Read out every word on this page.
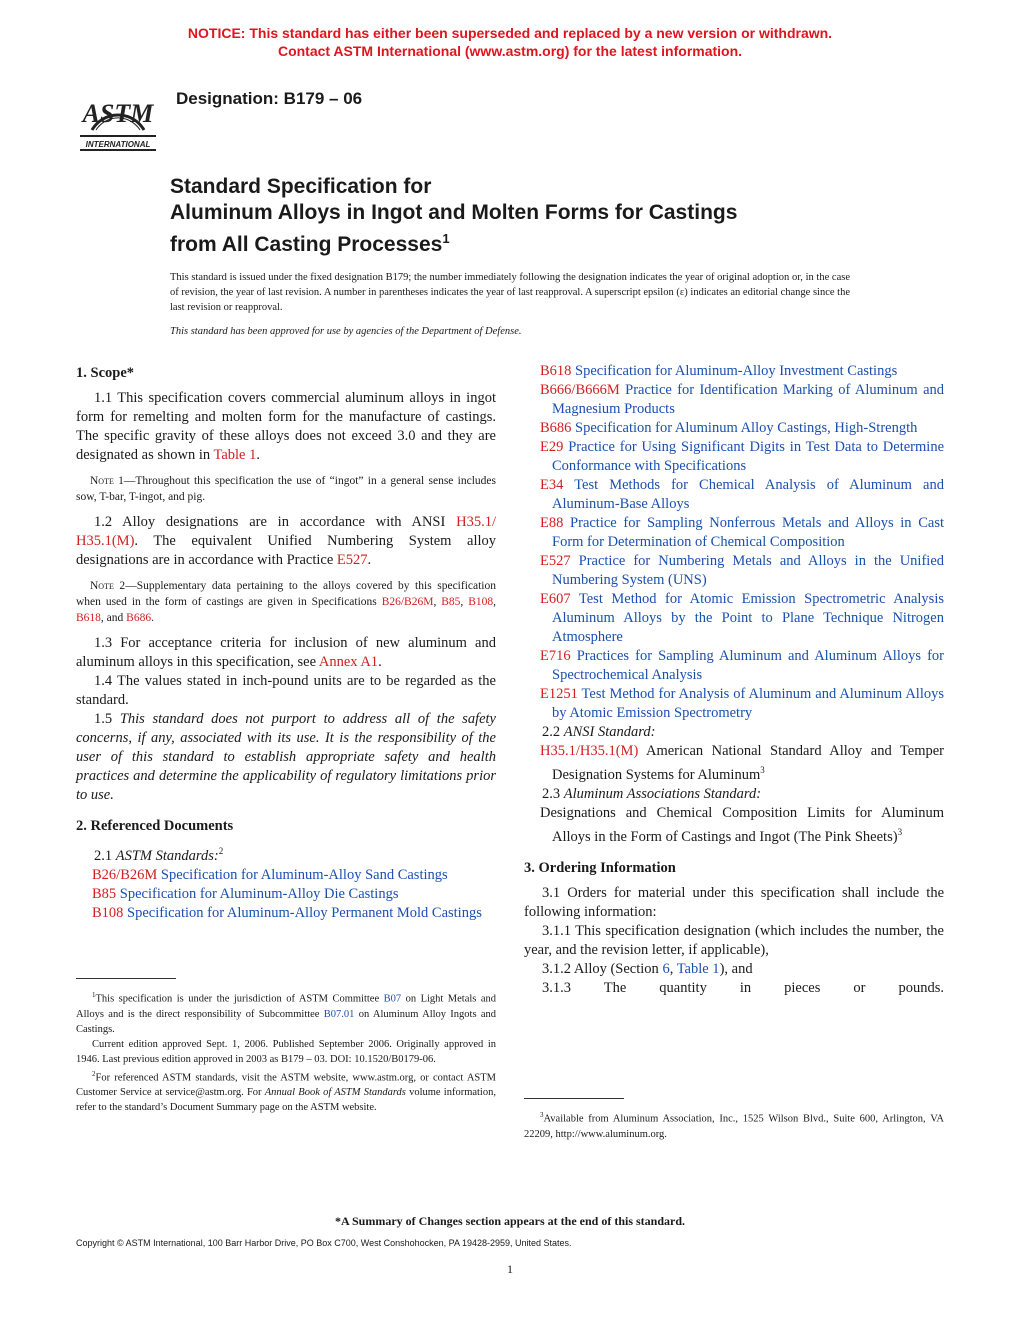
NOTICE: This standard has either been superseded and replaced by a new version or withdrawn.
Contact ASTM International (www.astm.org) for the latest information.
ASTM
INTERNATIONAL
Designation: B179 – 06
Standard Specification for
Aluminum Alloys in Ingot and Molten Forms for Castings
from All Casting Processes$^1$
This standard is issued under the fixed designation B179; the number immediately following the designation indicates the year of original adoption or, in the case of revision, the year of last revision. A number in parentheses indicates the year of last reapproval. A superscript epsilon (ε) indicates an editorial change since the last revision or reapproval.
This standard has been approved for use by agencies of the Department of Defense.

1. Scope*

1.1 This specification covers commercial aluminum alloys in ingot form for remelting and molten form for the manufacture of castings. The specific gravity of these alloys does not exceed 3.0 and they are designated as shown in Table 1.

Note 1—Throughout this specification the use of “ingot” in a general sense includes sow, T-bar, T-ingot, and pig.

1.2 Alloy designations are in accordance with ANSI H35.1/ H35.1(M). The equivalent Unified Numbering System alloy designations are in accordance with Practice E527.

Note 2—Supplementary data pertaining to the alloys covered by this specification when used in the form of castings are given in Specifications B26/B26M, B85, B108, B618, and B686.

1.3 For acceptance criteria for inclusion of new aluminum and aluminum alloys in this specification, see Annex A1.

1.4 The values stated in inch-pound units are to be regarded as the standard.

1.5 This standard does not purport to address all of the safety concerns, if any, associated with its use. It is the responsibility of the user of this standard to establish appropriate safety and health practices and determine the applicability of regulatory limitations prior to use.

2. Referenced Documents

2.1 ASTM Standards:$^2$

B26/B26M Specification for Aluminum-Alloy Sand Castings

B85 Specification for Aluminum-Alloy Die Castings

B108 Specification for Aluminum-Alloy Permanent Mold Castings

$^1$This specification is under the jurisdiction of ASTM Committee B07 on Light Metals and Alloys and is the direct responsibility of Subcommittee B07.01 on Aluminum Alloy Ingots and Castings.

Current edition approved Sept. 1, 2006. Published September 2006. Originally approved in 1946. Last previous edition approved in 2003 as B179 – 03. DOI: 10.1520/B0179-06.

$^2$For referenced ASTM standards, visit the ASTM website, www.astm.org, or contact ASTM Customer Service at service@astm.org. For Annual Book of ASTM Standards volume information, refer to the standard’s Document Summary page on the ASTM website.

B618 Specification for Aluminum-Alloy Investment Castings

B666/B666M Practice for Identification Marking of Aluminum and Magnesium Products

B686 Specification for Aluminum Alloy Castings, High-Strength

E29 Practice for Using Significant Digits in Test Data to Determine Conformance with Specifications

E34 Test Methods for Chemical Analysis of Aluminum and Aluminum-Base Alloys

E88 Practice for Sampling Nonferrous Metals and Alloys in Cast Form for Determination of Chemical Composition

E527 Practice for Numbering Metals and Alloys in the Unified Numbering System (UNS)

E607 Test Method for Atomic Emission Spectrometric Analysis Aluminum Alloys by the Point to Plane Technique Nitrogen Atmosphere

E716 Practices for Sampling Aluminum and Aluminum Alloys for Spectrochemical Analysis

E1251 Test Method for Analysis of Aluminum and Aluminum Alloys by Atomic Emission Spectrometry

2.2 ANSI Standard:

H35.1/H35.1(M) American National Standard Alloy and Temper Designation Systems for Aluminum$^3$

2.3 Aluminum Associations Standard:

Designations and Chemical Composition Limits for Aluminum Alloys in the Form of Castings and Ingot (The Pink Sheets)$^3$

3. Ordering Information

3.1 Orders for material under this specification shall include the following information:

3.1.1 This specification designation (which includes the number, the year, and the revision letter, if applicable),

3.1.2 Alloy (Section 6, Table 1), and

3.1.3 The quantity in pieces or pounds.

$^3$Available from Aluminum Association, Inc., 1525 Wilson Blvd., Suite 600, Arlington, VA 22209, http://www.aluminum.org.

*A Summary of Changes section appears at the end of this standard.
Copyright © ASTM International, 100 Barr Harbor Drive, PO Box C700, West Conshohocken, PA 19428-2959, United States.
1
